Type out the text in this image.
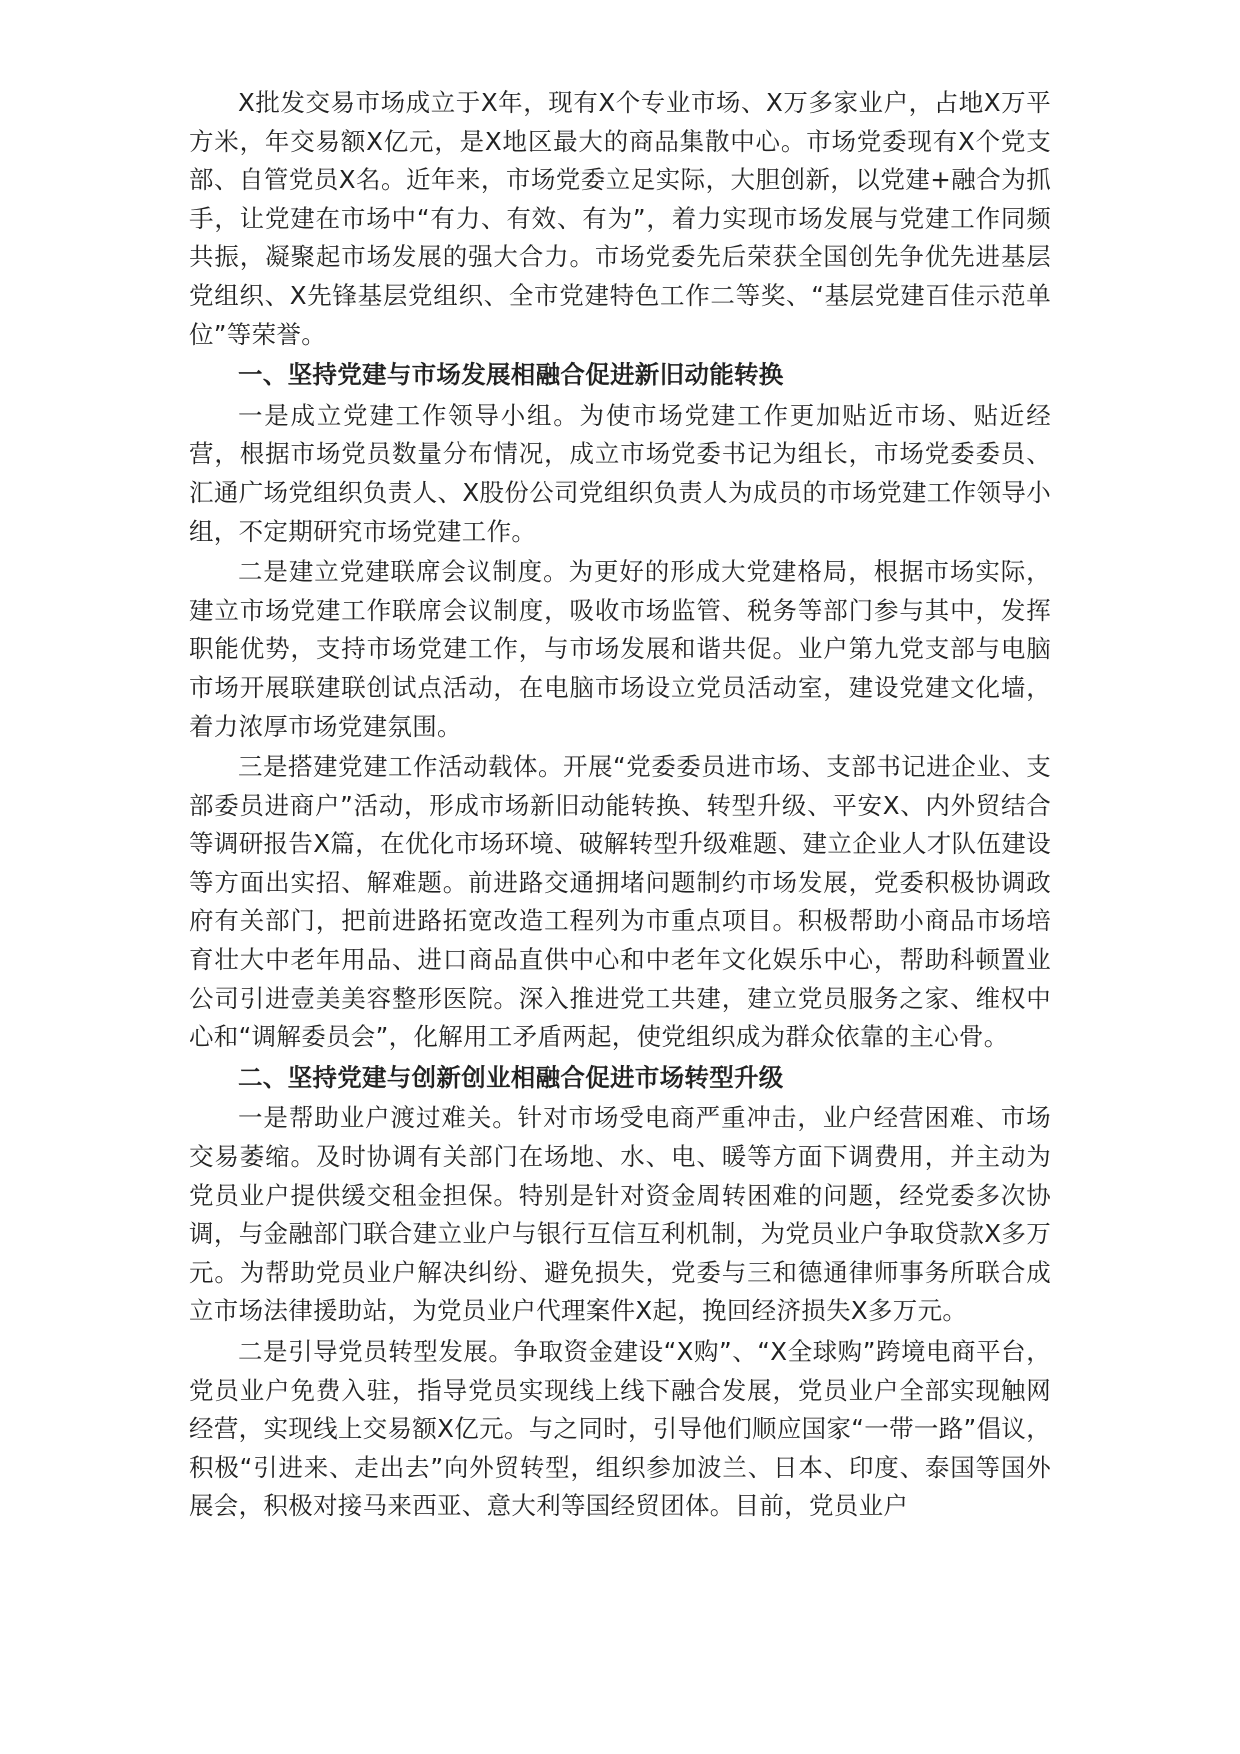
X批发交易市场成立于X年，现有X个专业市场、X万多家业户，占地X万平方米，年交易额X亿元，是X地区最大的商品集散中心。市场党委现有X个党支部、自管党员X名。近年来，市场党委立足实际，大胆创新，以党建+融合为抓手，让党建在市场中“有力、有效、有为”，着力实现市场发展与党建工作同频共振，凝聚起市场发展的强大合力。市场党委先后荣获全国创先争优先进基层党组织、X先锋基层党组织、全市党建特色工作二等奖、“基层党建百佳示范单位”等荣誉。

一、坚持党建与市场发展相融合促进新旧动能转换

一是成立党建工作领导小组。为使市场党建工作更加贴近市场、贴近经营，根据市场党员数量分布情况，成立市场党委书记为组长，市场党委委员、汇通广场党组织负责人、X股份公司党组织负责人为成员的市场党建工作领导小组，不定期研究市场党建工作。

二是建立党建联席会议制度。为更好的形成大党建格局，根据市场实际，建立市场党建工作联席会议制度，吸收市场监管、税务等部门参与其中，发挥职能优势，支持市场党建工作，与市场发展和谐共促。业户第九党支部与电脑市场开展联建联创试点活动，在电脑市场设立党员活动室，建设党建文化墙，着力浓厚市场党建氛围。

三是搭建党建工作活动载体。开展“党委委员进市场、支部书记进企业、支部委员进商户”活动，形成市场新旧动能转换、转型升级、平安X、内外贸结合等调研报告X篇，在优化市场环境、破解转型升级难题、建立企业人才队伍建设等方面出实招、解难题。前进路交通拥堵问题制约市场发展，党委积极协调政府有关部门，把前进路拓宽改造工程列为市重点项目。积极帮助小商品市场培育壮大中老年用品、进口商品直供中心和中老年文化娱乐中心，帮助科顿置业公司引进壹美美容整形医院。深入推进党工共建，建立党员服务之家、维权中心和“调解委员会”，化解用工矛盾两起，使党组织成为群众依靠的主心骨。

二、坚持党建与创新创业相融合促进市场转型升级

一是帮助业户渡过难关。针对市场受电商严重冲击，业户经营困难、市场交易萎缩。及时协调有关部门在场地、水、电、暖等方面下调费用，并主动为党员业户提供缓交租金担保。特别是针对资金周转困难的问题，经党委多次协调，与金融部门联合建立业户与银行互信互利机制，为党员业户争取贷款X多万元。为帮助党员业户解决纠纷、避免损失，党委与三和德通律师事务所联合成立市场法律援助站，为党员业户代理案件X起，挽回经济损失X多万元。

二是引导党员转型发展。争取资金建设“X购”、“X全球购”跨境电商平台，党员业户免费入驻，指导党员实现线上线下融合发展，党员业户全部实现触网经营，实现线上交易额X亿元。与之同时，引导他们顺应国家“一带一路”倡议，积极“引进来、走出去”向外贸转型，组织参加波兰、日本、印度、泰国等国外展会，积极对接马来西亚、意大利等国经贸团体。目前，党员业户
